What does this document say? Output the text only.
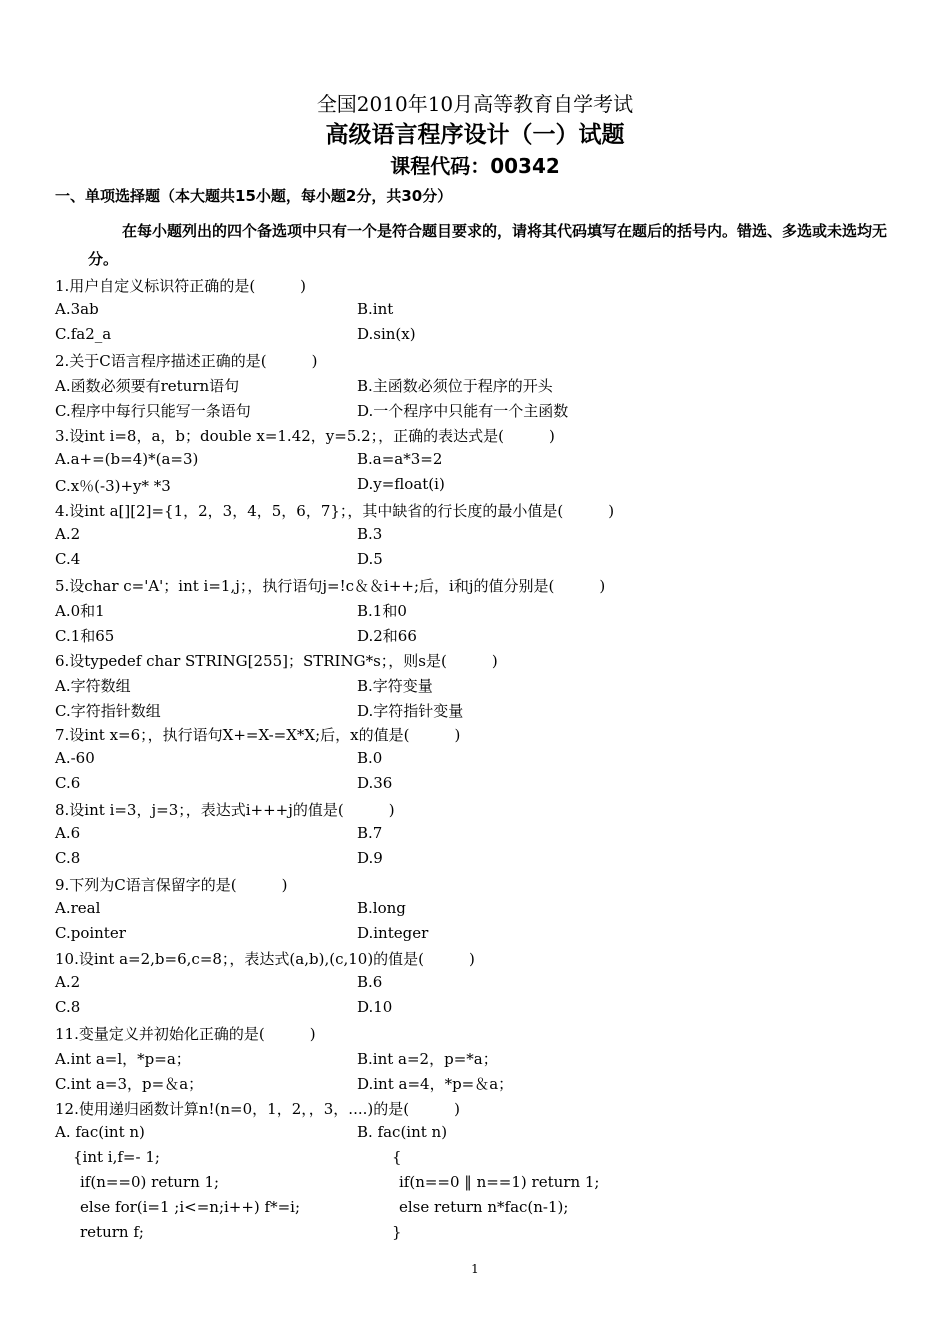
全国2010年10月高等教育自学考试
高级语言程序设计（一）试题
课程代码：00342
一、单项选择题（本大题共15小题，每小题2分，共30分）
在每小题列出的四个备选项中只有一个是符合题目要求的，请将其代码填写在题后的括号内。错选、多选或未选均无分。
1.用户自定义标识符正确的是(　　　)
A.3ab	B.int
C.fa2_a	D.sin(x)
2.关于C语言程序描述正确的是(　　　)
A.函数必须要有return语句	B.主函数必须位于程序的开头
C.程序中每行只能写一条语句	D.一个程序中只能有一个主函数
3.设int i=8，a，b；double x=1.42，y=5.2；，正确的表达式是(　　　)
A.a+=(b=4)*(a=3)	B.a=a*3=2
C.x％(-3)+y* *3	D.y=float(i)
4.设int a[][2]={1，2，3，4，5，6，7}；，其中缺省的行长度的最小值是(　　　)
A.2	B.3
C.4	D.5
5.设char c='A'；int i=1,j；，执行语句j=!c＆＆i++;后，i和j的值分别是(　　　)
A.0和1	B.1和0
C.1和65	D.2和66
6.设typedef char STRING[255]；STRING*s；，则s是(　　　)
A.字符数组	B.字符变量
C.字符指针数组	D.字符指针变量
7.设int x=6；，执行语句X+=X-=X*X;后，x的值是(　　　)
A.-60	B.0
C.6	D.36
8.设int i=3，j=3；，表达式i+++j的值是(　　　)
A.6	B.7
C.8	D.9
9.下列为C语言保留字的是(　　　)
A.real	B.long
C.pointer	D.integer
10.设int a=2,b=6,c=8；，表达式(a,b),(c,10)的值是(　　　)
A.2	B.6
C.8	D.10
11.变量定义并初始化正确的是(　　　)
A.int a=l，*p=a；	B.int a=2，p=*a；
C.int a=3，p=＆a；	D.int a=4，*p=＆a；
12.使用递归函数计算n!(n=0，1，2，，3，....)的是(　　　)
A. fac(int n)
{int i,f=- 1;
if(n==0) return 1;
else for(i=1 ;i<=n;i++) f*=i;
return f;
B. fac(int n)
{
if(n==0 ‖ n==1) return 1;
else return n*fac(n-1);
}
1
